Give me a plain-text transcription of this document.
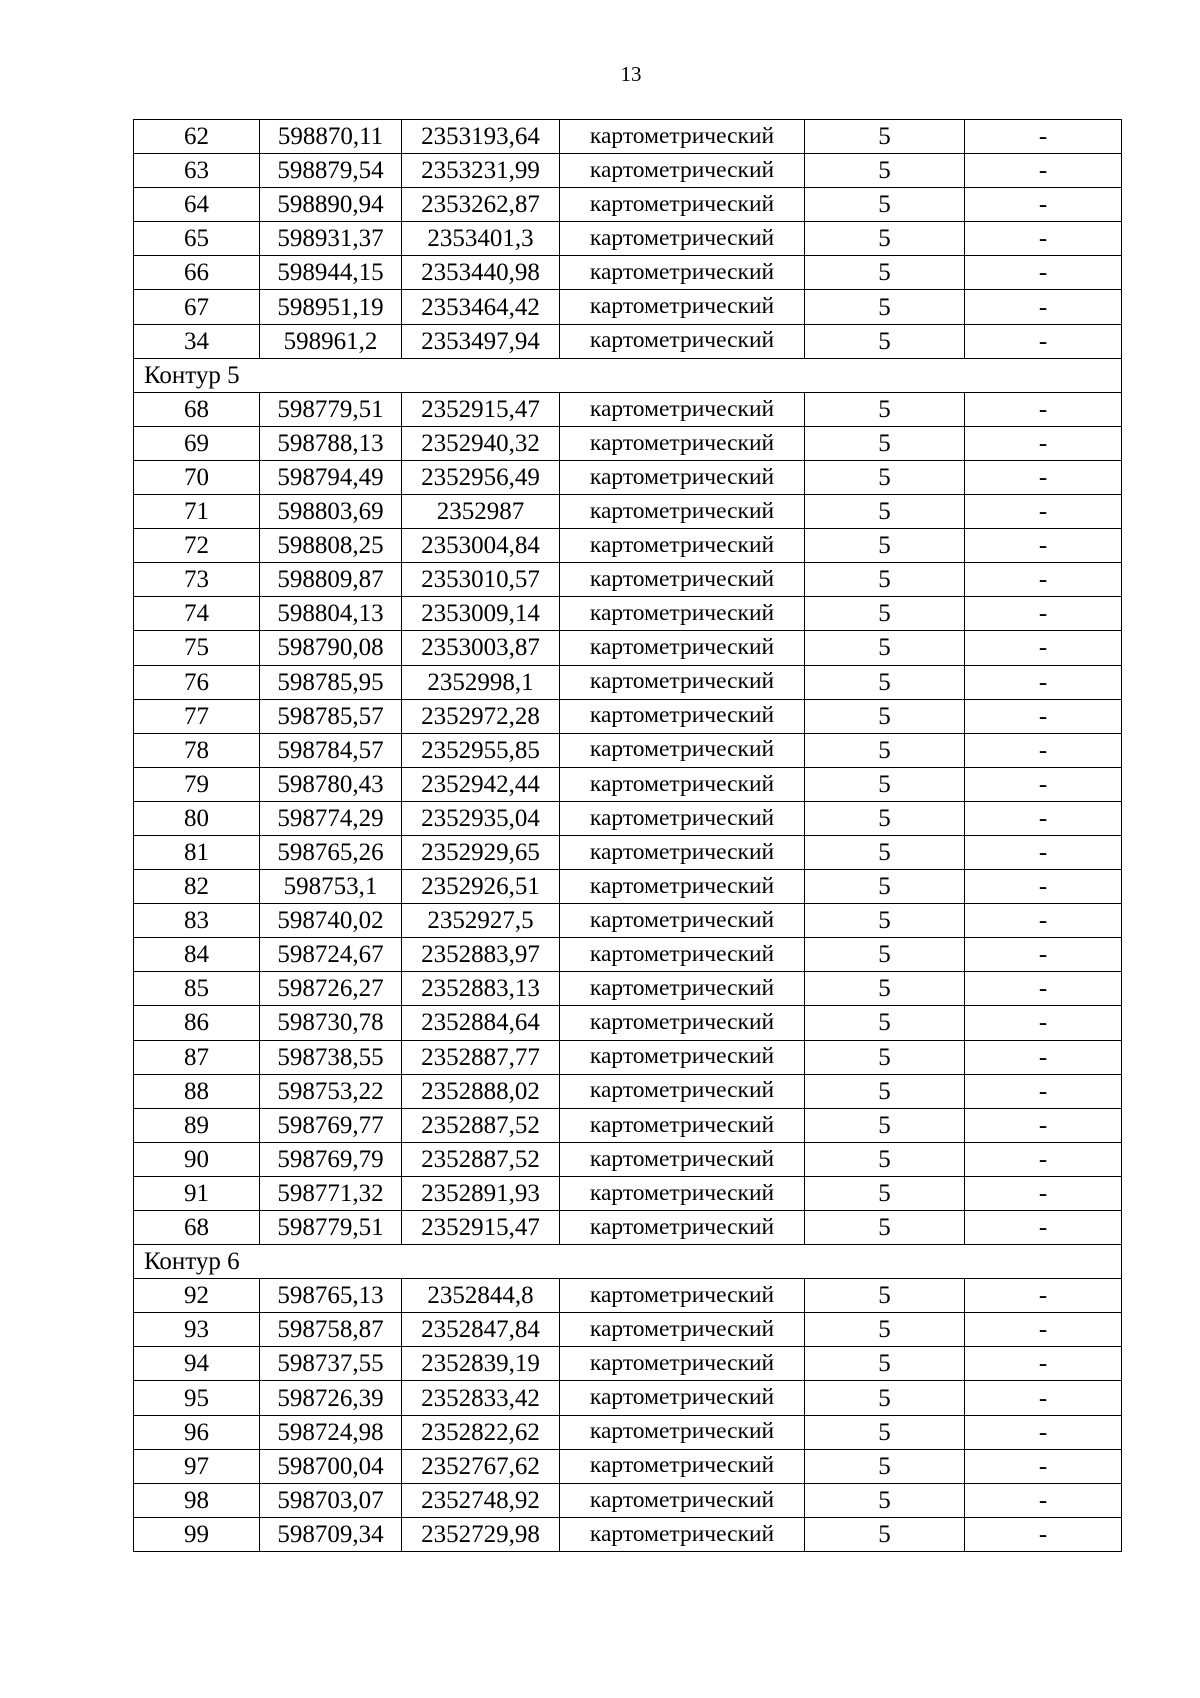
13
62	598870,11	2353193,64	картометрический	5	-
63	598879,54	2353231,99	картометрический	5	-
64	598890,94	2353262,87	картометрический	5	-
65	598931,37	2353401,3	картометрический	5	-
66	598944,15	2353440,98	картометрический	5	-
67	598951,19	2353464,42	картометрический	5	-
34	598961,2	2353497,94	картометрический	5	-
Контур 5					
68	598779,51	2352915,47	картометрический	5	-
69	598788,13	2352940,32	картометрический	5	-
70	598794,49	2352956,49	картометрический	5	-
71	598803,69	2352987	картометрический	5	-
72	598808,25	2353004,84	картометрический	5	-
73	598809,87	2353010,57	картометрический	5	-
74	598804,13	2353009,14	картометрический	5	-
75	598790,08	2353003,87	картометрический	5	-
76	598785,95	2352998,1	картометрический	5	-
77	598785,57	2352972,28	картометрический	5	-
78	598784,57	2352955,85	картометрический	5	-
79	598780,43	2352942,44	картометрический	5	-
80	598774,29	2352935,04	картометрический	5	-
81	598765,26	2352929,65	картометрический	5	-
82	598753,1	2352926,51	картометрический	5	-
83	598740,02	2352927,5	картометрический	5	-
84	598724,67	2352883,97	картометрический	5	-
85	598726,27	2352883,13	картометрический	5	-
86	598730,78	2352884,64	картометрический	5	-
87	598738,55	2352887,77	картометрический	5	-
88	598753,22	2352888,02	картометрический	5	-
89	598769,77	2352887,52	картометрический	5	-
90	598769,79	2352887,52	картометрический	5	-
91	598771,32	2352891,93	картометрический	5	-
68	598779,51	2352915,47	картометрический	5	-
Контур 6					
92	598765,13	2352844,8	картометрический	5	-
93	598758,87	2352847,84	картометрический	5	-
94	598737,55	2352839,19	картометрический	5	-
95	598726,39	2352833,42	картометрический	5	-
96	598724,98	2352822,62	картометрический	5	-
97	598700,04	2352767,62	картометрический	5	-
98	598703,07	2352748,92	картометрический	5	-
99	598709,34	2352729,98	картометрический	5	-
